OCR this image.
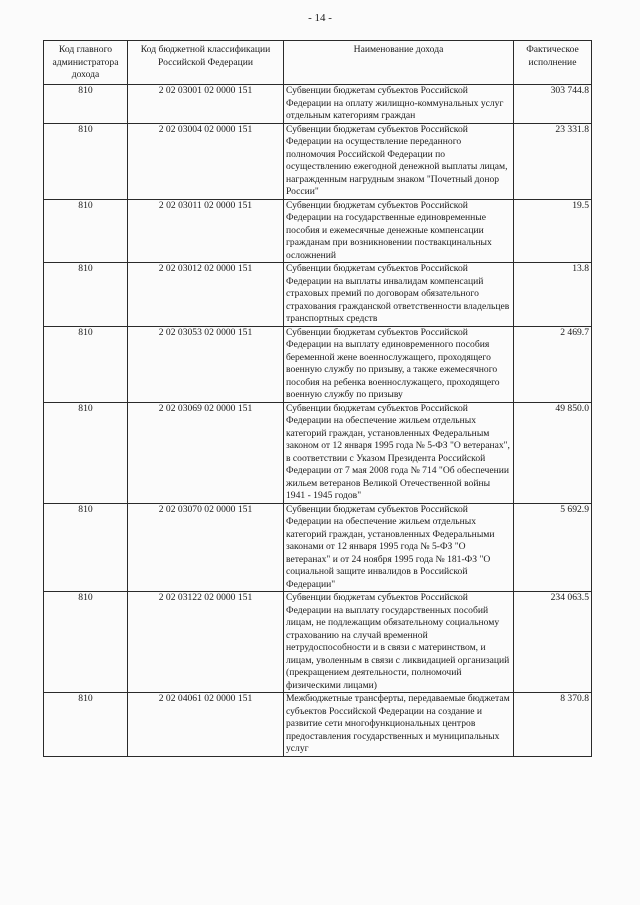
- 14 -
Код главного администратора дохода	Код бюджетной классификации Российской Федерации	Наименование дохода	Фактическое исполнение
810	2 02 03001 02 0000 151	Субвенции бюджетам субъектов Российской Федерации на оплату жилищно-коммунальных услуг отдельным категориям граждан	303 744.8
810	2 02 03004 02 0000 151	Субвенции бюджетам субъектов Российской Федерации на осуществление переданного полномочия Российской Федерации по осуществлению ежегодной денежной выплаты лицам, награжденным нагрудным знаком "Почетный донор России"	23 331.8
810	2 02 03011 02 0000 151	Субвенции бюджетам субъектов Российской Федерации на государственные единовременные пособия и ежемесячные денежные компенсации гражданам при возникновении поствакцинальных осложнений	19.5
810	2 02 03012 02 0000 151	Субвенции бюджетам субъектов Российской Федерации на выплаты инвалидам компенсаций страховых премий по договорам обязательного страхования гражданской ответственности владельцев транспортных средств	13.8
810	2 02 03053 02 0000 151	Субвенции бюджетам субъектов Российской Федерации на выплату единовременного пособия беременной жене военнослужащего, проходящего военную службу по призыву, а также ежемесячного пособия на ребенка военнослужащего, проходящего военную службу по призыву	2 469.7
810	2 02 03069 02 0000 151	Субвенции бюджетам субъектов Российской Федерации на обеспечение жильем отдельных категорий граждан, установленных Федеральным законом от 12 января 1995 года № 5-ФЗ "О ветеранах", в соответствии с Указом Президента Российской Федерации от 7 мая 2008 года № 714 "Об обеспечении жильем ветеранов Великой Отечественной войны 1941 - 1945 годов"	49 850.0
810	2 02 03070 02 0000 151	Субвенции бюджетам субъектов Российской Федерации на обеспечение жильем отдельных категорий граждан, установленных Федеральными законами от 12 января 1995 года № 5-ФЗ "О ветеранах" и от 24 ноября 1995 года № 181-ФЗ "О социальной защите инвалидов в Российской Федерации"	5 692.9
810	2 02 03122 02 0000 151	Субвенции бюджетам субъектов Российской Федерации на выплату государственных пособий лицам, не подлежащим обязательному социальному страхованию на случай временной нетрудоспособности и в связи с материнством, и лицам, уволенным в связи с ликвидацией организаций (прекращением деятельности, полномочий физическими лицами)	234 063.5
810	2 02 04061 02 0000 151	Межбюджетные трансферты, передаваемые бюджетам субъектов Российской Федерации на создание и развитие сети многофункциональных центров предоставления государственных и муниципальных услуг	8 370.8
